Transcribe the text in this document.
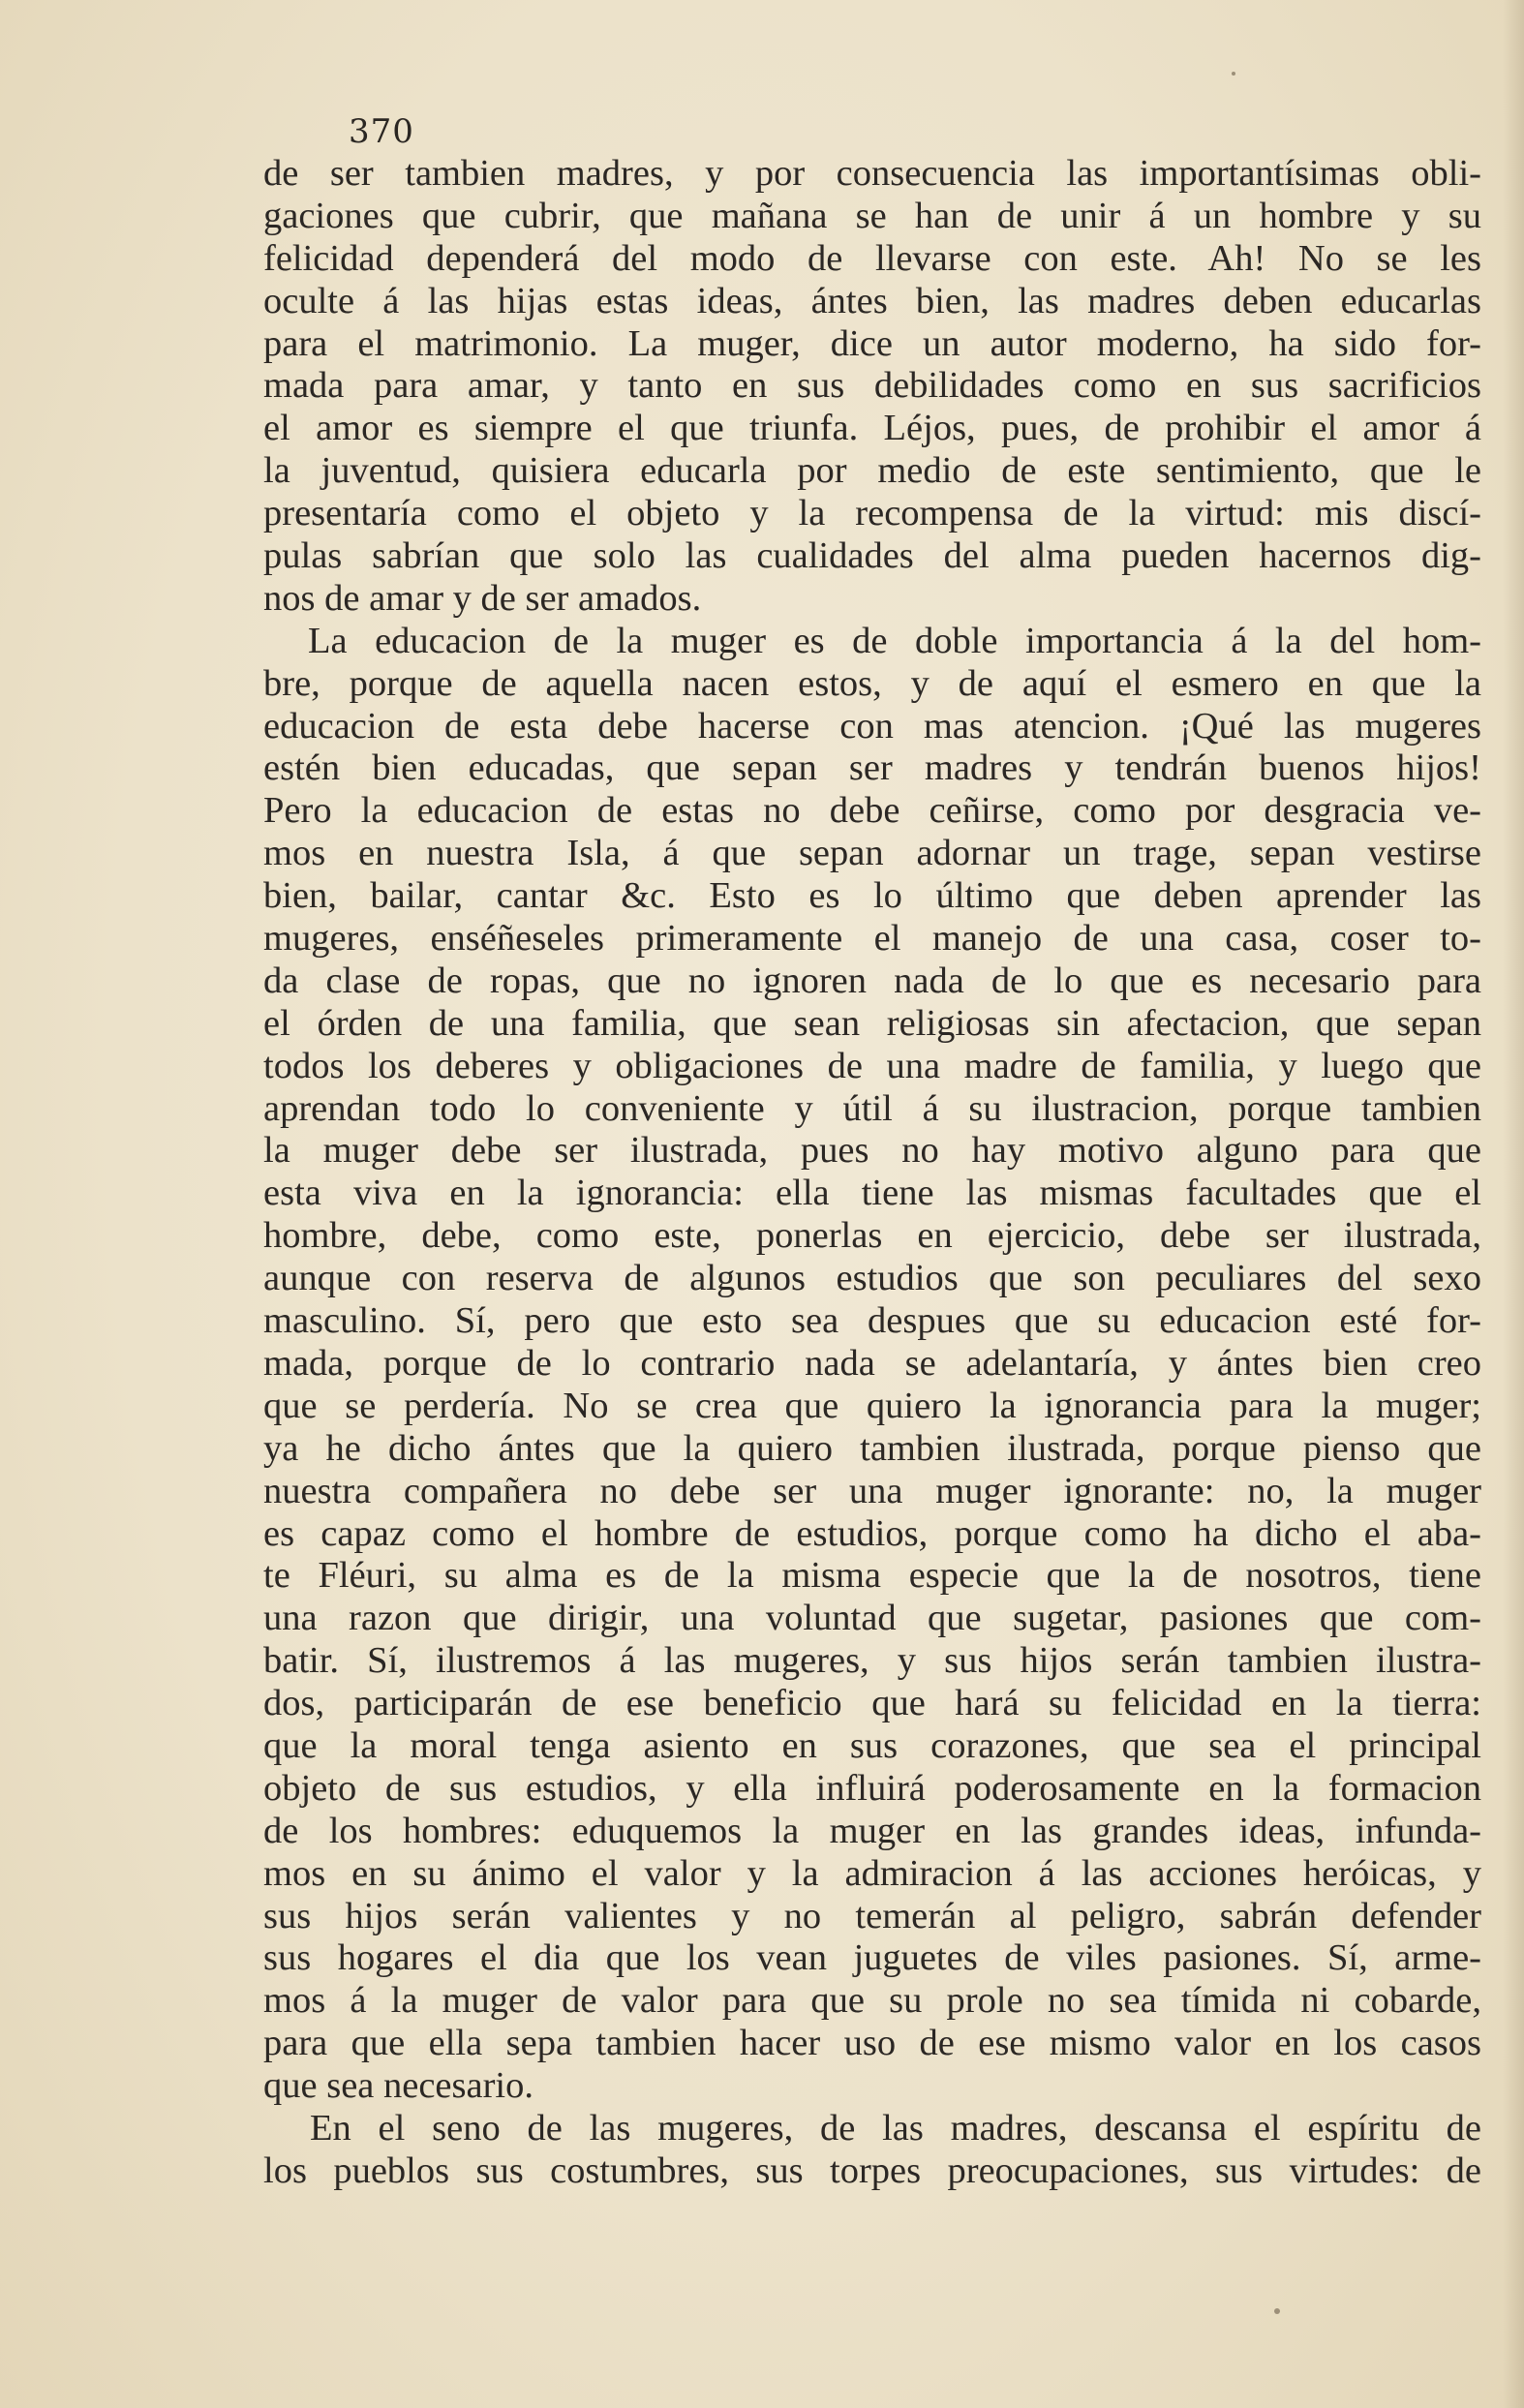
370
de ser tambien madres, y por consecuencia las importantísimas obli-
gaciones que cubrir, que mañana se han de unir á un hombre y su
felicidad dependerá del modo de llevarse con este. Ah! No se les
oculte á las hijas estas ideas, ántes bien, las madres deben educarlas
para el matrimonio. La muger, dice un autor moderno, ha sido for-
mada para amar, y tanto en sus debilidades como en sus sacrificios
el amor es siempre el que triunfa. Léjos, pues, de prohibir el amor á
la juventud, quisiera educarla por medio de este sentimiento, que le
presentaría como el objeto y la recompensa de la virtud: mis discí-
pulas sabrían que solo las cualidades del alma pueden hacernos dig-
nos de amar y de ser amados.
La educacion de la muger es de doble importancia á la del hom-
bre, porque de aquella nacen estos, y de aquí el esmero en que la
educacion de esta debe hacerse con mas atencion. ¡Qué las mugeres
estén bien educadas, que sepan ser madres y tendrán buenos hijos!
Pero la educacion de estas no debe ceñirse, como por desgracia ve-
mos en nuestra Isla, á que sepan adornar un trage, sepan vestirse
bien, bailar, cantar &c. Esto es lo último que deben aprender las
mugeres, enséñeseles primeramente el manejo de una casa, coser to-
da clase de ropas, que no ignoren nada de lo que es necesario para
el órden de una familia, que sean religiosas sin afectacion, que sepan
todos los deberes y obligaciones de una madre de familia, y luego que
aprendan todo lo conveniente y útil á su ilustracion, porque tambien
la muger debe ser ilustrada, pues no hay motivo alguno para que
esta viva en la ignorancia: ella tiene las mismas facultades que el
hombre, debe, como este, ponerlas en ejercicio, debe ser ilustrada,
aunque con reserva de algunos estudios que son peculiares del sexo
masculino. Sí, pero que esto sea despues que su educacion esté for-
mada, porque de lo contrario nada se adelantaría, y ántes bien creo
que se perdería. No se crea que quiero la ignorancia para la muger;
ya he dicho ántes que la quiero tambien ilustrada, porque pienso que
nuestra compañera no debe ser una muger ignorante: no, la muger
es capaz como el hombre de estudios, porque como ha dicho el aba-
te Fléuri, su alma es de la misma especie que la de nosotros, tiene
una razon que dirigir, una voluntad que sugetar, pasiones que com-
batir. Sí, ilustremos á las mugeres, y sus hijos serán tambien ilustra-
dos, participarán de ese beneficio que hará su felicidad en la tierra:
que la moral tenga asiento en sus corazones, que sea el principal
objeto de sus estudios, y ella influirá poderosamente en la formacion
de los hombres: eduquemos la muger en las grandes ideas, infunda-
mos en su ánimo el valor y la admiracion á las acciones heróicas, y
sus hijos serán valientes y no temerán al peligro, sabrán defender
sus hogares el dia que los vean juguetes de viles pasiones. Sí, arme-
mos á la muger de valor para que su prole no sea tímida ni cobarde,
para que ella sepa tambien hacer uso de ese mismo valor en los casos
que sea necesario.
En el seno de las mugeres, de las madres, descansa el espíritu de
los pueblos sus costumbres, sus torpes preocupaciones, sus virtudes: de
